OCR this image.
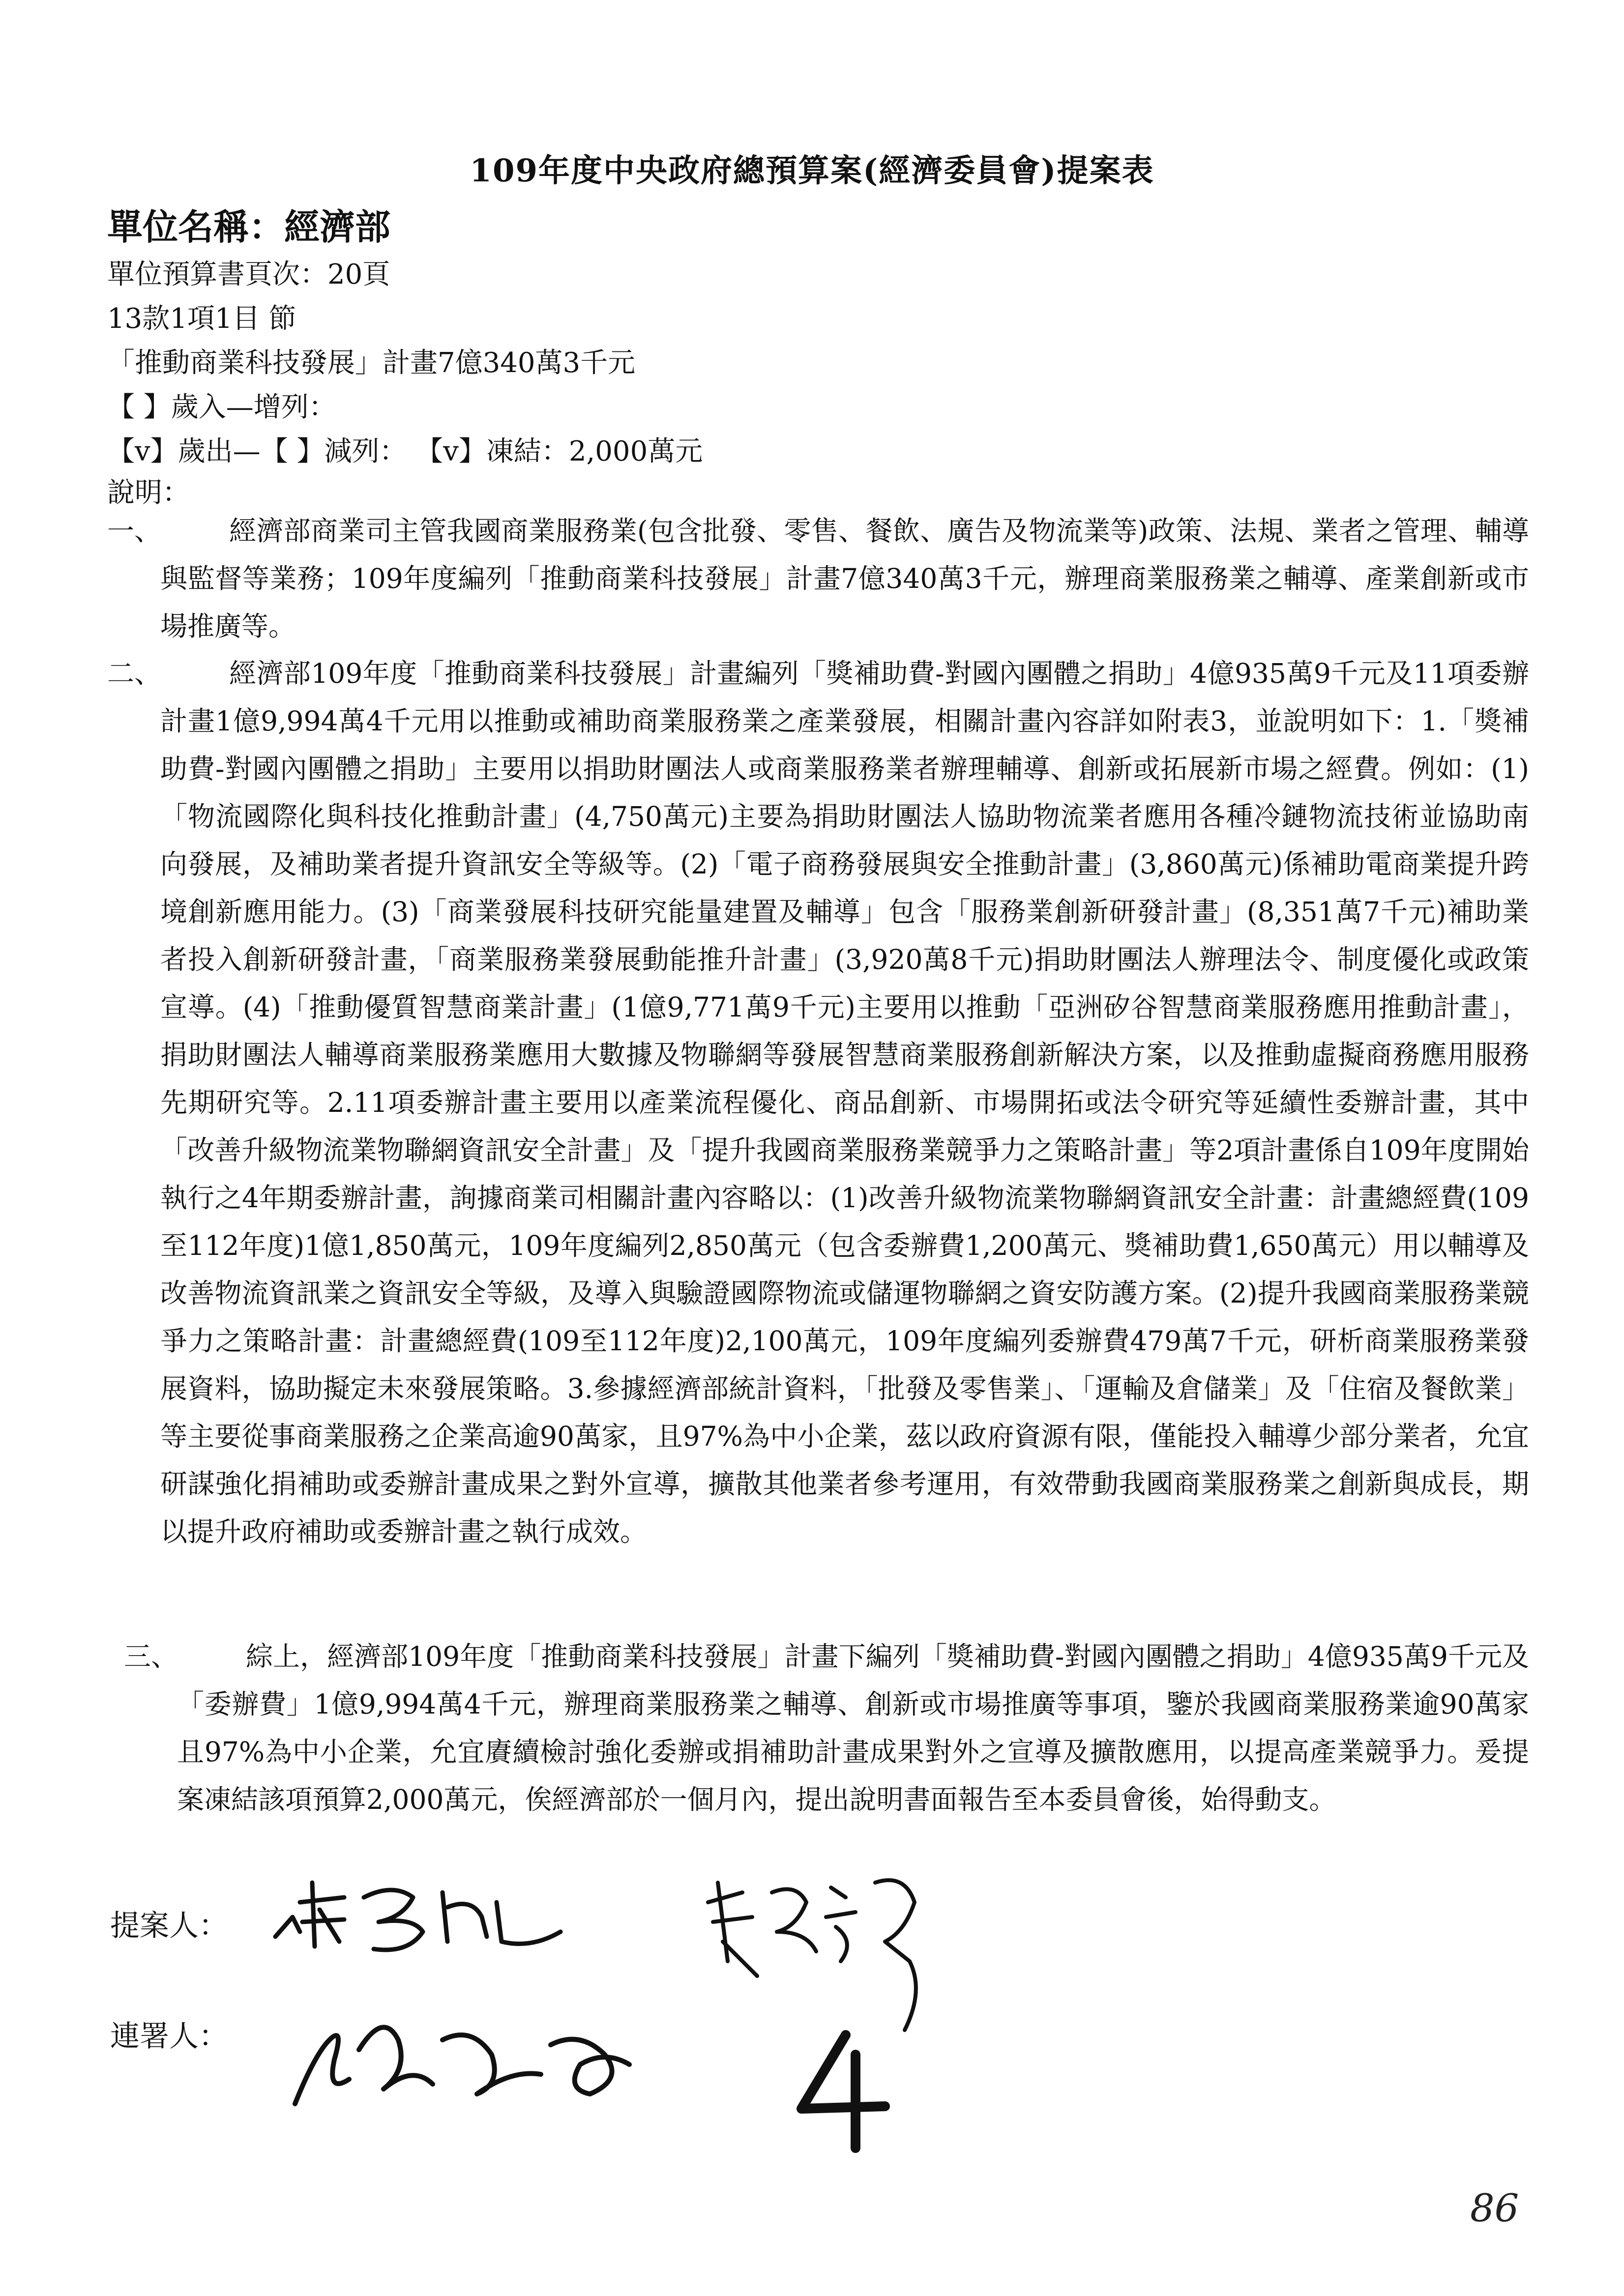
109年度中央政府總預算案(經濟委員會)提案表
單位名稱：經濟部
單位預算書頁次：20頁
13款1項1目 節
「推動商業科技發展」計畫7億340萬3千元
【 】歲入—增列：
【v】歲出—【 】減列： 【v】凍結：2,000萬元
說明：
一、	經濟部商業司主管我國商業服務業(包含批發、零售、餐飲、廣告及物流業等)政策、法規、業者之管理、輔導與監督等業務；109年度編列「推動商業科技發展」計畫7億340萬3千元，辦理商業服務業之輔導、產業創新或市場推廣等。
二、	經濟部109年度「推動商業科技發展」計畫編列「獎補助費-對國內團體之捐助」4億935萬9千元及11項委辦計畫1億9,994萬4千元用以推動或補助商業服務業之產業發展，相關計畫內容詳如附表3，並說明如下：1.「獎補助費-對國內團體之捐助」主要用以捐助財團法人或商業服務業者辦理輔導、創新或拓展新市場之經費。例如：(1)「物流國際化與科技化推動計畫」(4,750萬元)主要為捐助財團法人協助物流業者應用各種冷鏈物流技術並協助南向發展，及補助業者提升資訊安全等級等。(2)「電子商務發展與安全推動計畫」(3,860萬元)係補助電商業提升跨境創新應用能力。(3)「商業發展科技研究能量建置及輔導」包含「服務業創新研發計畫」(8,351萬7千元)補助業者投入創新研發計畫，「商業服務業發展動能推升計畫」(3,920萬8千元)捐助財團法人辦理法令、制度優化或政策宣導。(4)「推動優質智慧商業計畫」(1億9,771萬9千元)主要用以推動「亞洲矽谷智慧商業服務應用推動計畫」，捐助財團法人輔導商業服務業應用大數據及物聯網等發展智慧商業服務創新解決方案，以及推動虛擬商務應用服務先期研究等。2.11項委辦計畫主要用以產業流程優化、商品創新、市場開拓或法令研究等延續性委辦計畫，其中「改善升級物流業物聯網資訊安全計畫」及「提升我國商業服務業競爭力之策略計畫」等2項計畫係自109年度開始執行之4年期委辦計畫，詢據商業司相關計畫內容略以：(1)改善升級物流業物聯網資訊安全計畫：計畫總經費(109至112年度)1億1,850萬元，109年度編列2,850萬元（包含委辦費1,200萬元、獎補助費1,650萬元）用以輔導及改善物流資訊業之資訊安全等級，及導入與驗證國際物流或儲運物聯網之資安防護方案。(2)提升我國商業服務業競爭力之策略計畫：計畫總經費(109至112年度)2,100萬元，109年度編列委辦費479萬7千元，研析商業服務業發展資料，協助擬定未來發展策略。3.參據經濟部統計資料，「批發及零售業」、「運輸及倉儲業」及「住宿及餐飲業」等主要從事商業服務之企業高逾90萬家，且97%為中小企業，茲以政府資源有限，僅能投入輔導少部分業者，允宜研謀強化捐補助或委辦計畫成果之對外宣導，擴散其他業者參考運用，有效帶動我國商業服務業之創新與成長，期以提升政府補助或委辦計畫之執行成效。
三、	綜上，經濟部109年度「推動商業科技發展」計畫下編列「獎補助費-對國內團體之捐助」4億935萬9千元及「委辦費」1億9,994萬4千元，辦理商業服務業之輔導、創新或市場推廣等事項，鑒於我國商業服務業逾90萬家且97%為中小企業，允宜賡續檢討強化委辦或捐補助計畫成果對外之宣導及擴散應用，以提高產業競爭力。爰提案凍結該項預算2,000萬元，俟經濟部於一個月內，提出說明書面報告至本委員會後，始得動支。
提案人：
連署人：
86
